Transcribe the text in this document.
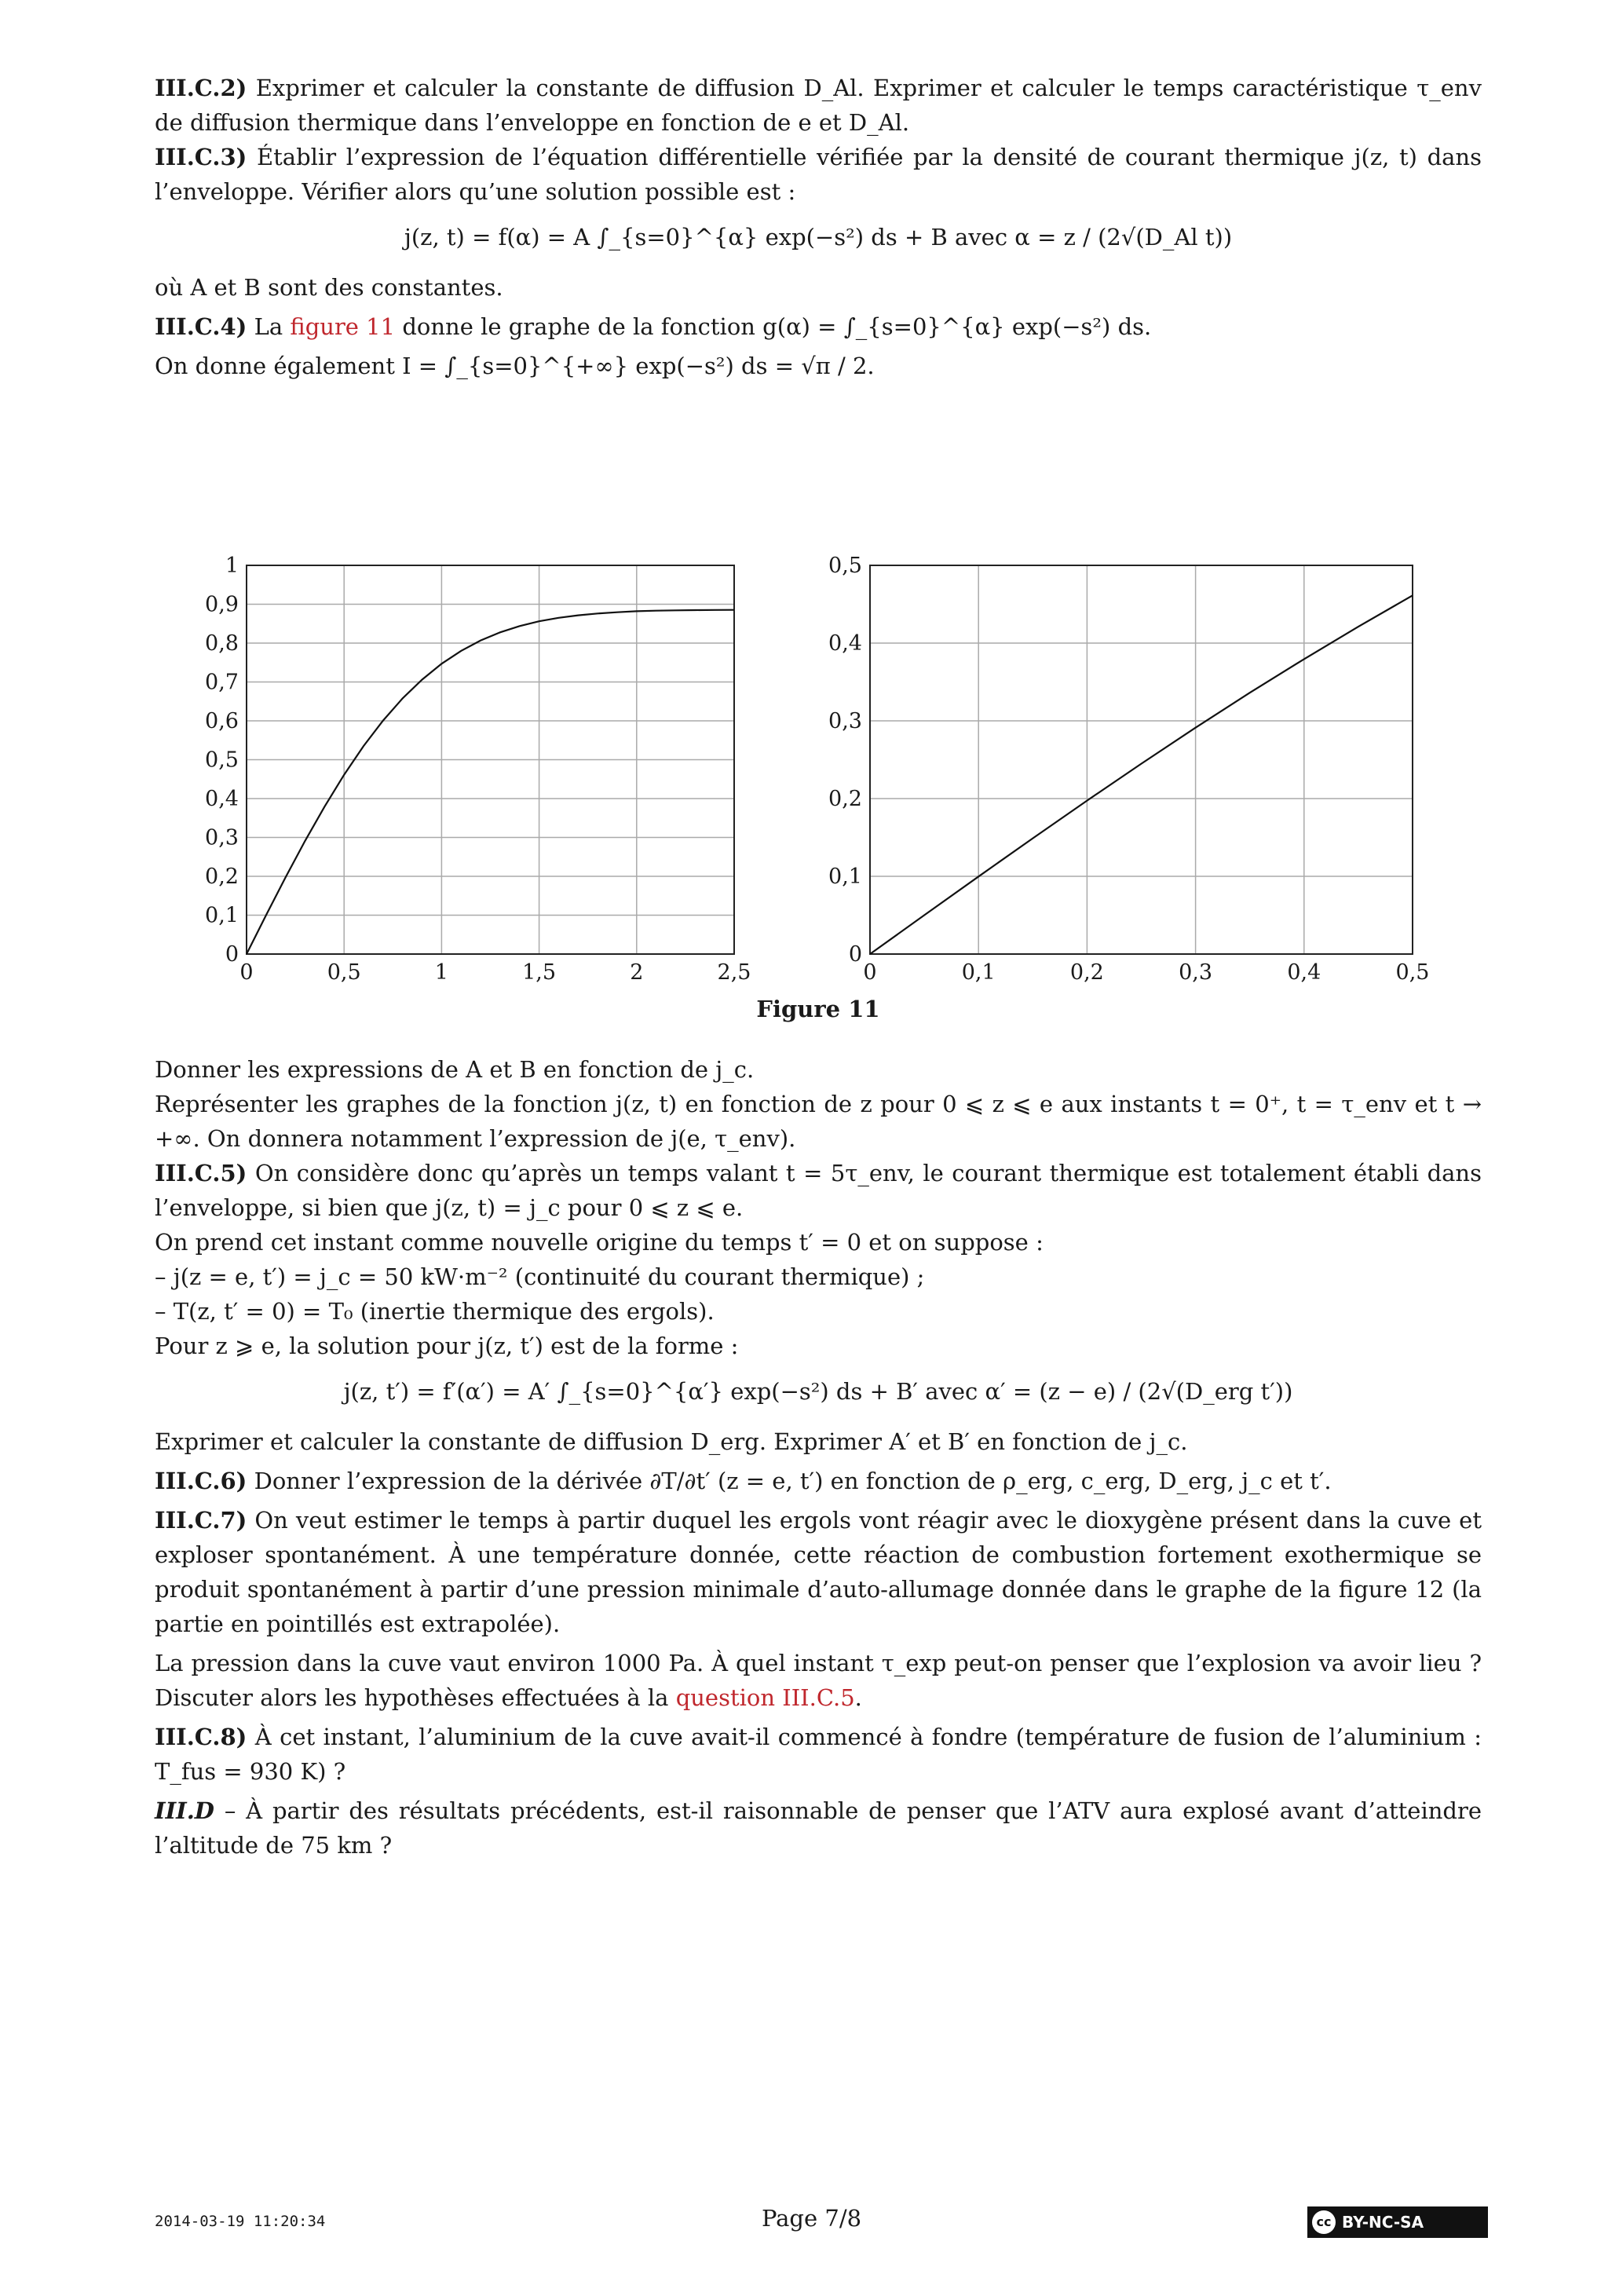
III.C.2) Exprimer et calculer la constante de diffusion D_Al. Exprimer et calculer le temps caractéristique τ_env de diffusion thermique dans l’enveloppe en fonction de e et D_Al.

III.C.3) Établir l’expression de l’équation différentielle vérifiée par la densité de courant thermique j(z, t) dans l’enveloppe. Vérifier alors qu’une solution possible est :

j(z, t) = f(α) = A ∫_{s=0}^{α} exp(−s²) ds + B avec α = z / (2√(D_Al t))

où A et B sont des constantes.

III.C.4) La figure 11 donne le graphe de la fonction g(α) = ∫_{s=0}^{α} exp(−s²) ds.

On donne également I = ∫_{s=0}^{+∞} exp(−s²) ds = √π / 2.

0	0,5	1	1,5	2	2,5
0
0,1
0,2
0,3
0,4
0,5
0,6
0,7
0,8
0,9
1
0	0,1	0,2	0,3	0,4	0,5
0
0,1
0,2
0,3
0,4
0,5
Figure 11

Donner les expressions de A et B en fonction de j_c.

Représenter les graphes de la fonction j(z, t) en fonction de z pour 0 ⩽ z ⩽ e aux instants t = 0⁺, t = τ_env et t → +∞. On donnera notamment l’expression de j(e, τ_env).

III.C.5) On considère donc qu’après un temps valant t = 5τ_env, le courant thermique est totalement établi dans l’enveloppe, si bien que j(z, t) = j_c pour 0 ⩽ z ⩽ e.

On prend cet instant comme nouvelle origine du temps t′ = 0 et on suppose :

– j(z = e, t′) = j_c = 50 kW·m⁻² (continuité du courant thermique) ;

– T(z, t′ = 0) = T₀ (inertie thermique des ergols).

Pour z ⩾ e, la solution pour j(z, t′) est de la forme :

j(z, t′) = f′(α′) = A′ ∫_{s=0}^{α′} exp(−s²) ds + B′ avec α′ = (z − e) / (2√(D_erg t′))

Exprimer et calculer la constante de diffusion D_erg. Exprimer A′ et B′ en fonction de j_c.

III.C.6) Donner l’expression de la dérivée ∂T/∂t′ (z = e, t′) en fonction de ρ_erg, c_erg, D_erg, j_c et t′.

III.C.7) On veut estimer le temps à partir duquel les ergols vont réagir avec le dioxygène présent dans la cuve et exploser spontanément. À une température donnée, cette réaction de combustion fortement exothermique se produit spontanément à partir d’une pression minimale d’auto-allumage donnée dans le graphe de la figure 12 (la partie en pointillés est extrapolée).

La pression dans la cuve vaut environ 1000 Pa. À quel instant τ_exp peut-on penser que l’explosion va avoir lieu ? Discuter alors les hypothèses effectuées à la question III.C.5.

III.C.8) À cet instant, l’aluminium de la cuve avait-il commencé à fondre (température de fusion de l’aluminium : T_fus = 930 K) ?

III.D – À partir des résultats précédents, est-il raisonnable de penser que l’ATV aura explosé avant d’atteindre l’altitude de 75 km ?

2014-03-19 11:20:34	Page 7/8	cc BY-NC-SA
